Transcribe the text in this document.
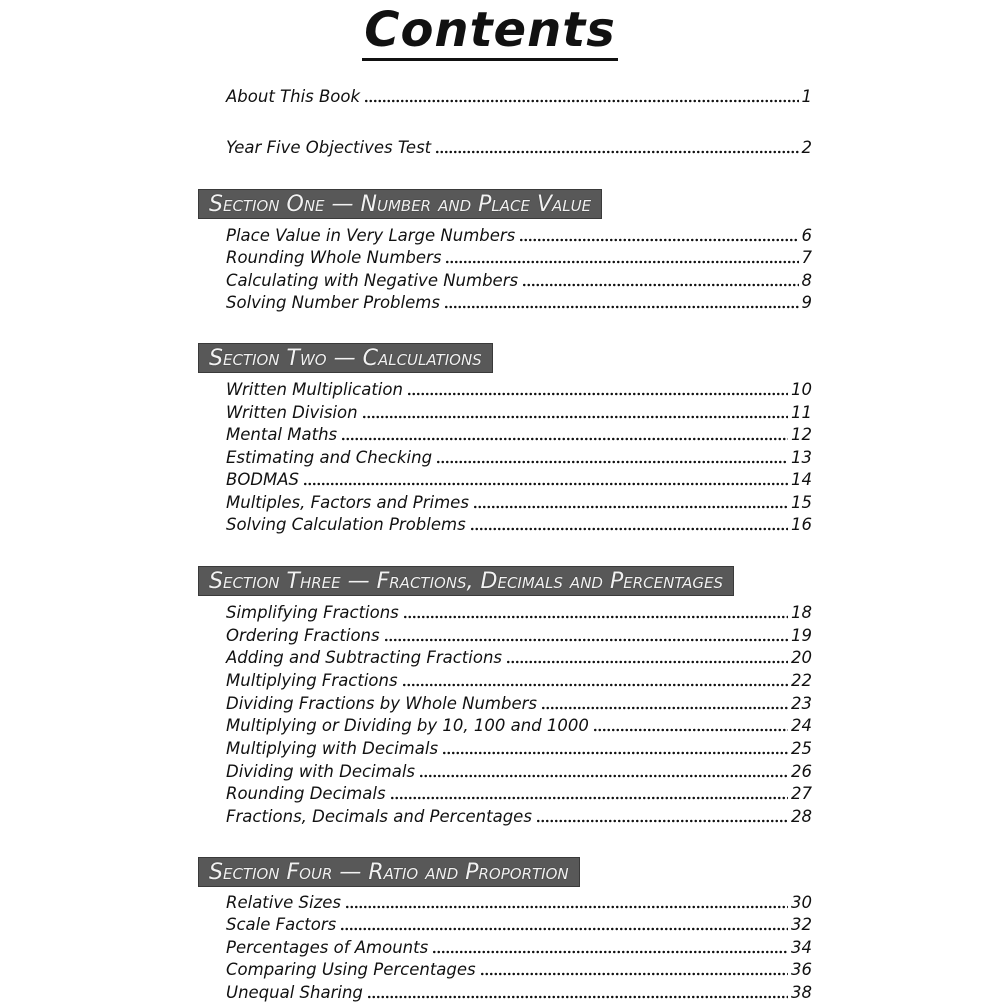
Contents
About This Book	1
Year Five Objectives Test	2
Section One — Number and Place Value
Place Value in Very Large Numbers	6
Rounding Whole Numbers	7
Calculating with Negative Numbers	8
Solving Number Problems	9
Section Two — Calculations
Written Multiplication	10
Written Division	11
Mental Maths	12
Estimating and Checking	13
BODMAS	14
Multiples, Factors and Primes	15
Solving Calculation Problems	16
Section Three — Fractions, Decimals and Percentages
Simplifying Fractions	18
Ordering Fractions	19
Adding and Subtracting Fractions	20
Multiplying Fractions	22
Dividing Fractions by Whole Numbers	23
Multiplying or Dividing by 10, 100 and 1000	24
Multiplying with Decimals	25
Dividing with Decimals	26
Rounding Decimals	27
Fractions, Decimals and Percentages	28
Section Four — Ratio and Proportion
Relative Sizes	30
Scale Factors	32
Percentages of Amounts	34
Comparing Using Percentages	36
Unequal Sharing	38
